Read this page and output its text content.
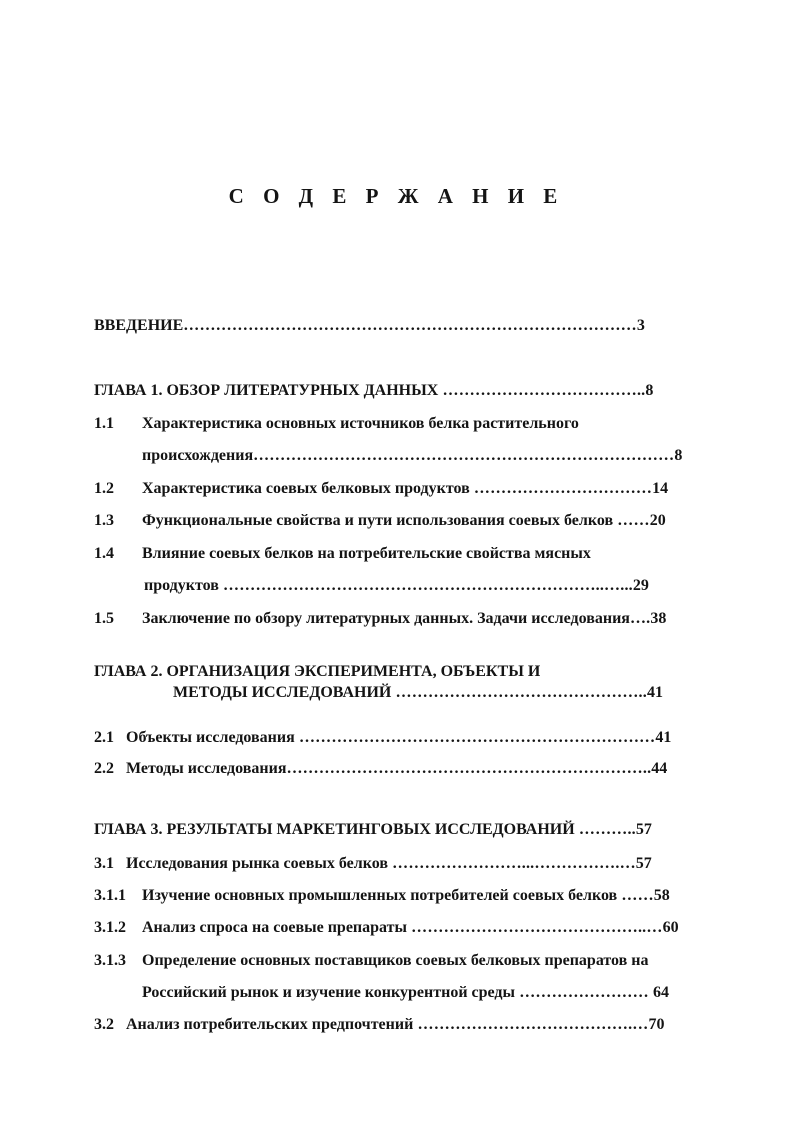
С О Д Е Р Ж А Н И Е
ВВЕДЕНИЕ…………………………………………………………………………3
ГЛАВА 1. ОБЗОР ЛИТЕРАТУРНЫХ ДАННЫХ ………………………………..8
1.1 Характеристика основных источников белка растительного
происхождения……………………………………………………………………8
1.2 Характеристика соевых белковых продуктов ……………………………14
1.3 Функциональные свойства и пути использования соевых белков ……20
1.4 Влияние соевых белков на потребительские свойства мясных
продуктов ……………………………………………………………..…...29
1.5 Заключение по обзору литературных данных. Задачи исследования….38
ГЛАВА 2. ОРГАНИЗАЦИЯ ЭКСПЕРИМЕНТА, ОБЪЕКТЫ И
МЕТОДЫ ИССЛЕДОВАНИЙ ………………………………………..41
2.1 Объекты исследования …………………………………………………………41
2.2 Методы исследования…………………………………………………………..44
ГЛАВА 3. РЕЗУЛЬТАТЫ МАРКЕТИНГОВЫХ ИССЛЕДОВАНИЙ ………..57
3.1 Исследования рынка соевых белков ……………………...…………….…57
3.1.1 Изучение основных промышленных потребителей соевых белков ……58
3.1.2 Анализ спроса на соевые препараты ……………………………………..…60
3.1.3 Определение основных поставщиков соевых белковых препаратов на
Российский рынок и изучение конкурентной среды …………………… 64
3.2 Анализ потребительских предпочтений ………………………………….…70
